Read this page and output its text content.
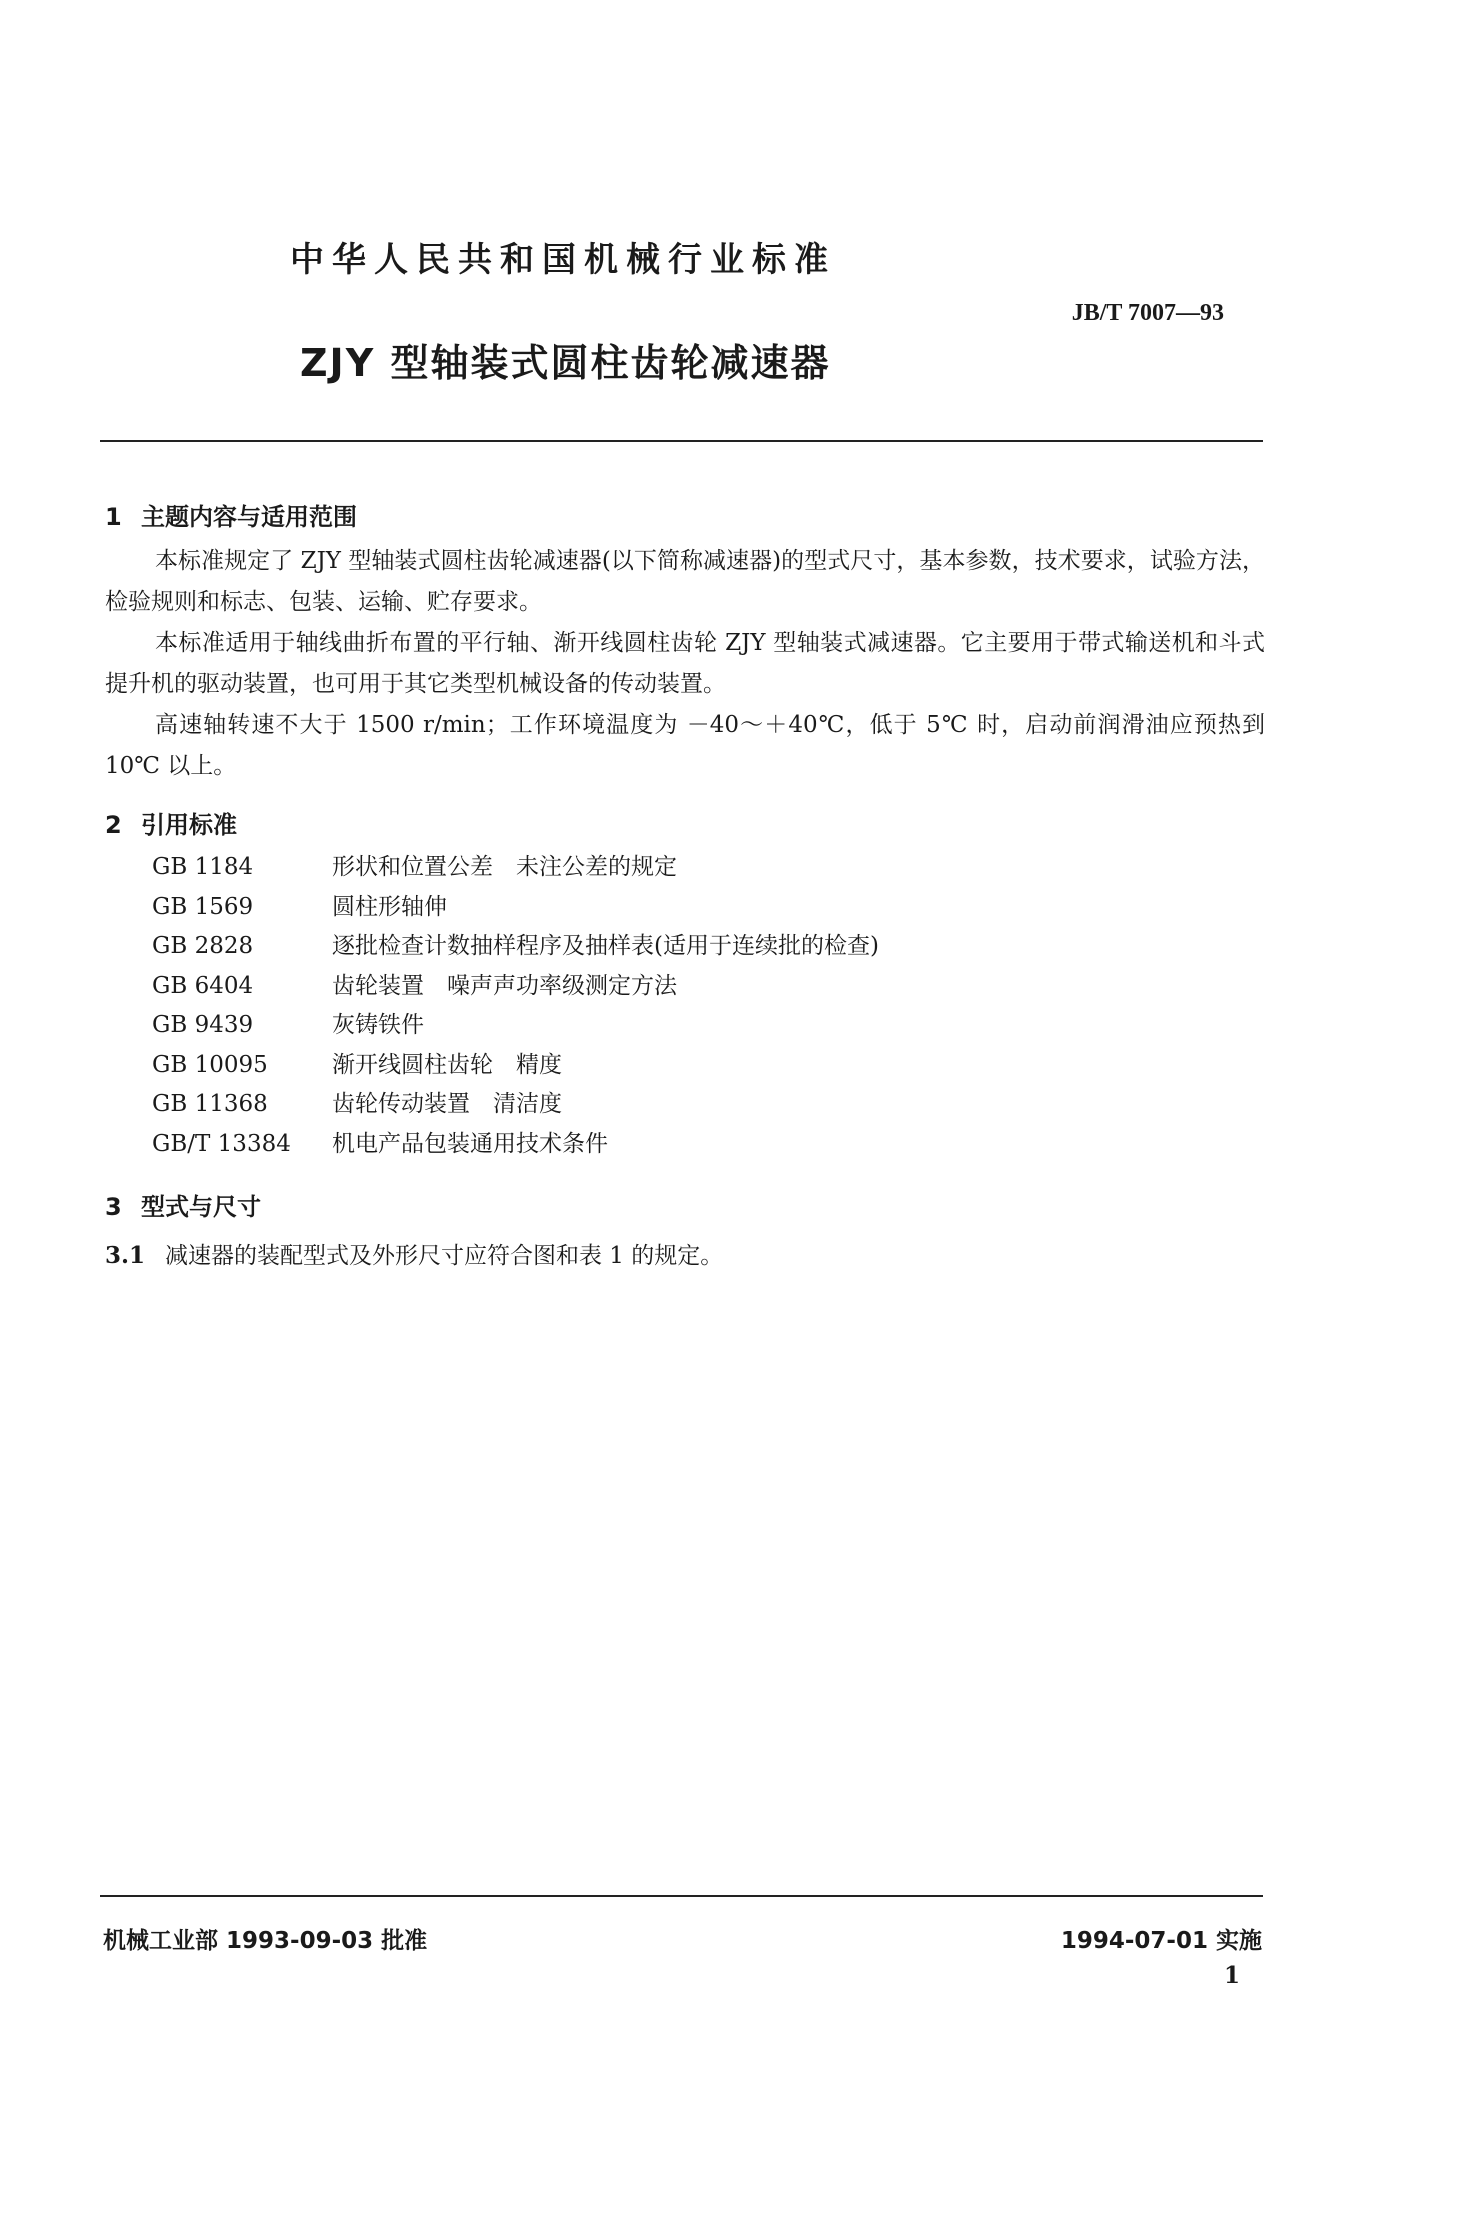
中华人民共和国机械行业标准
JB/T 7007—93
ZJY 型轴装式圆柱齿轮减速器
1 主题内容与适用范围
本标准规定了 ZJY 型轴装式圆柱齿轮减速器(以下简称减速器)的型式尺寸，基本参数，技术要求，试验方法，检验规则和标志、包装、运输、贮存要求。
本标准适用于轴线曲折布置的平行轴、渐开线圆柱齿轮 ZJY 型轴装式减速器。它主要用于带式输送机和斗式提升机的驱动装置，也可用于其它类型机械设备的传动装置。
高速轴转速不大于 1500 r/min；工作环境温度为 －40～＋40℃，低于 5℃ 时，启动前润滑油应预热到 10℃ 以上。
2 引用标准
GB 1184	形状和位置公差　未注公差的规定
GB 1569	圆柱形轴伸
GB 2828	逐批检查计数抽样程序及抽样表(适用于连续批的检查)
GB 6404	齿轮装置　噪声声功率级测定方法
GB 9439	灰铸铁件
GB 10095	渐开线圆柱齿轮　精度
GB 11368	齿轮传动装置　清洁度
GB/T 13384 机电产品包装通用技术条件
3 型式与尺寸
3.1 减速器的装配型式及外形尺寸应符合图和表 1 的规定。
机械工业部 1993-09-03 批准	1994-07-01 实施
1
